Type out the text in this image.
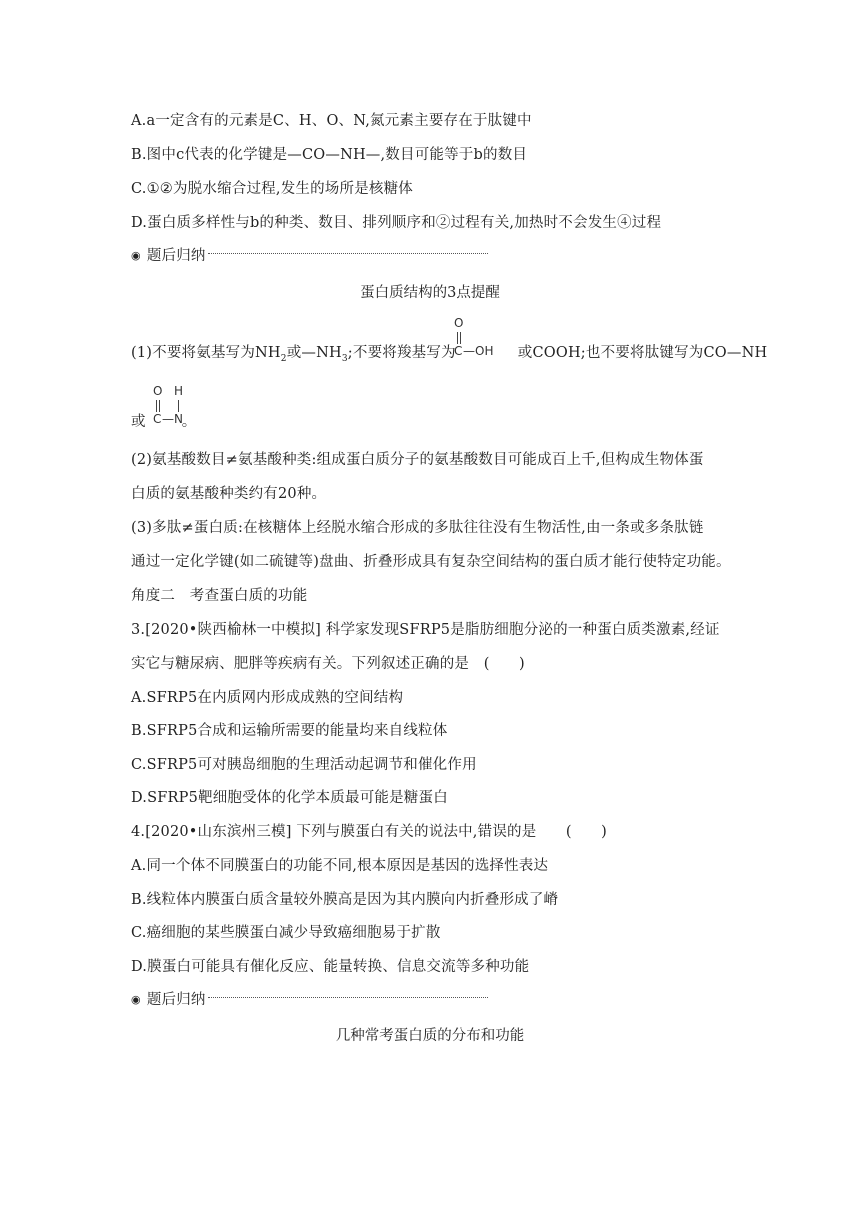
A.a一定含有的元素是C、H、O、N,氮元素主要存在于肽键中
B.图中c代表的化学键是—CO—NH—,数目可能等于b的数目
C.①②为脱水缩合过程,发生的场所是核糖体
D.蛋白质多样性与b的种类、数目、排列顺序和②过程有关,加热时不会发生④过程
◉ 题后归纳
蛋白质结构的3点提醒
(1)不要将氨基写为$NH_2$或$—NH_3$;不要将羧基写为	或COOH;也不要将肽键写为CO—NH
O
C —OH
或 。
O H
C —N
(2)氨基酸数目≠氨基酸种类:组成蛋白质分子的氨基酸数目可能成百上千,但构成生物体蛋
白质的氨基酸种类约有20种。
(3)多肽≠蛋白质:在核糖体上经脱水缩合形成的多肽往往没有生物活性,由一条或多条肽链
通过一定化学键(如二硫键等)盘曲、折叠形成具有复杂空间结构的蛋白质才能行使特定功能。
角度二　考查蛋白质的功能
3.[2020•陕西榆林一中模拟] 科学家发现SFRP5是脂肪细胞分泌的一种蛋白质类激素,经证
实它与糖尿病、肥胖等疾病有关。下列叙述正确的是　(　　)
A.SFRP5在内质网内形成成熟的空间结构
B.SFRP5合成和运输所需要的能量均来自线粒体
C.SFRP5可对胰岛细胞的生理活动起调节和催化作用
D.SFRP5靶细胞受体的化学本质最可能是糖蛋白
4.[2020•山东滨州三模] 下列与膜蛋白有关的说法中,错误的是　　(　　)
A.同一个体不同膜蛋白的功能不同,根本原因是基因的选择性表达
B.线粒体内膜蛋白质含量较外膜高是因为其内膜向内折叠形成了嵴
C.癌细胞的某些膜蛋白减少导致癌细胞易于扩散
D.膜蛋白可能具有催化反应、能量转换、信息交流等多种功能
◉ 题后归纳
几种常考蛋白质的分布和功能
